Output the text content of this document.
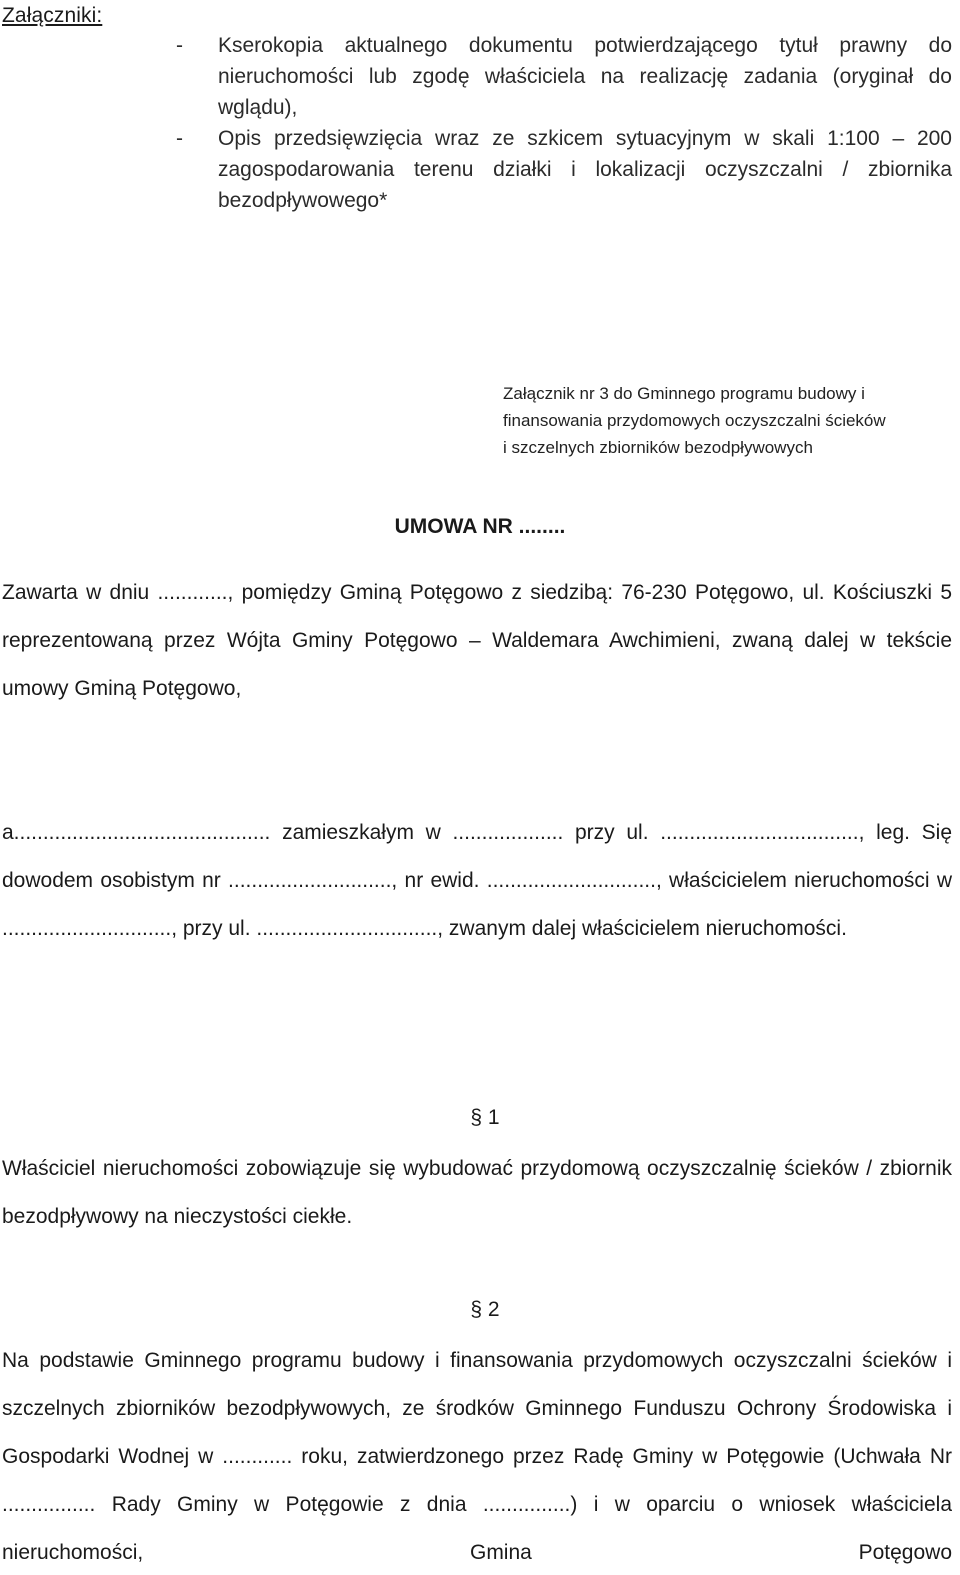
Załączniki:
- Kserokopia aktualnego dokumentu potwierdzającego tytuł prawny do nieruchomości lub zgodę właściciela na realizację zadania (oryginał do wglądu),
- Opis przedsięwzięcia wraz ze szkicem sytuacyjnym w skali 1:100 – 200 zagospodarowania terenu działki i lokalizacji oczyszczalni / zbiornika bezodpływowego*
Załącznik nr 3 do Gminnego programu budowy i
finansowania przydomowych oczyszczalni ścieków
i szczelnych zbiorników bezodpływowych
UMOWA NR ........
Zawarta w dniu ............, pomiędzy Gminą Potęgowo z siedzibą: 76-230 Potęgowo, ul. Kościuszki 5 reprezentowaną przez Wójta Gminy Potęgowo – Waldemara Awchimieni, zwaną dalej w tekście umowy Gminą Potęgowo,
a............................................ zamieszkałym w ................... przy ul. .................................., leg. Się dowodem osobistym nr ............................, nr ewid. ............................., właścicielem nieruchomości w ............................., przy ul. ..............................., zwanym dalej właścicielem nieruchomości.
§ 1
Właściciel nieruchomości zobowiązuje się wybudować przydomową oczyszczalnię ścieków / zbiornik bezodpływowy na nieczystości ciekłe.
§ 2
Na podstawie Gminnego programu budowy i finansowania przydomowych oczyszczalni ścieków i szczelnych zbiorników bezodpływowych, ze środków Gminnego Funduszu Ochrony Środowiska i Gospodarki Wodnej w ............ roku, zatwierdzonego przez Radę Gminy w Potęgowie (Uchwała Nr ................ Rady Gminy w Potęgowie z dnia ...............) i w oparciu o wniosek właściciela nieruchomości, Gmina Potęgowo
